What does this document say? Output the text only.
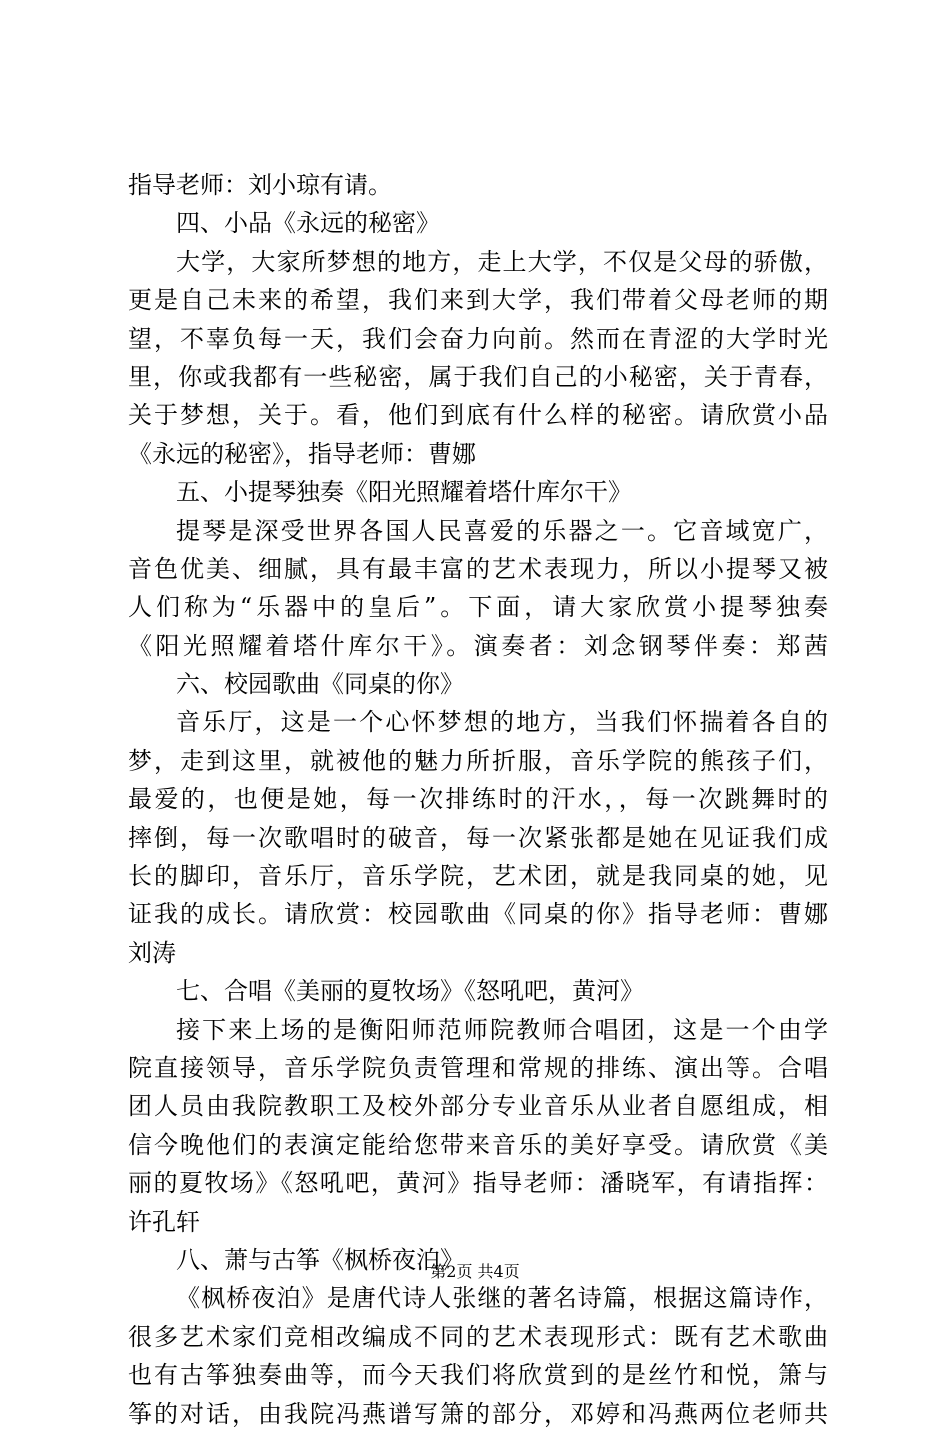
指导老师：刘小琼有请。
四、小品《永远的秘密》
大学，大家所梦想的地方，走上大学，不仅是父母的骄傲，
更是自己未来的希望，我们来到大学，我们带着父母老师的期
望，不辜负每一天，我们会奋力向前。然而在青涩的大学时光
里，你或我都有一些秘密，属于我们自己的小秘密，关于青春，
关于梦想，关于。看，他们到底有什么样的秘密。请欣赏小品
《永远的秘密》，指导老师：曹娜
五、小提琴独奏《阳光照耀着塔什库尔干》
提琴是深受世界各国人民喜爱的乐器之一。它音域宽广，
音色优美、细腻，具有最丰富的艺术表现力，所以小提琴又被
人们称为“乐器中的皇后”。下面，请大家欣赏小提琴独奏
《阳光照耀着塔什库尔干》。演奏者：刘念钢琴伴奏：郑茜
六、校园歌曲《同桌的你》
音乐厅，这是一个心怀梦想的地方，当我们怀揣着各自的
梦，走到这里，就被他的魅力所折服，音乐学院的熊孩子们，
最爱的，也便是她，每一次排练时的汗水，，每一次跳舞时的
摔倒，每一次歌唱时的破音，每一次紧张都是她在见证我们成
长的脚印，音乐厅，音乐学院，艺术团，就是我同桌的她，见
证我的成长。请欣赏：校园歌曲《同桌的你》指导老师：曹娜
刘涛
七、合唱《美丽的夏牧场》《怒吼吧，黄河》
接下来上场的是衡阳师范师院教师合唱团，这是一个由学
院直接领导，音乐学院负责管理和常规的排练、演出等。合唱
团人员由我院教职工及校外部分专业音乐从业者自愿组成，相
信今晚他们的表演定能给您带来音乐的美好享受。请欣赏《美
丽的夏牧场》《怒吼吧，黄河》指导老师：潘晓军，有请指挥：
许孔轩
八、萧与古筝《枫桥夜泊》
《枫桥夜泊》是唐代诗人张继的著名诗篇，根据这篇诗作，
很多艺术家们竞相改编成不同的艺术表现形式：既有艺术歌曲
也有古筝独奏曲等，而今天我们将欣赏到的是丝竹和悦，箫与
筝的对话，由我院冯燕谱写箫的部分，邓婷和冯燕两位老师共
第2页 共4页
